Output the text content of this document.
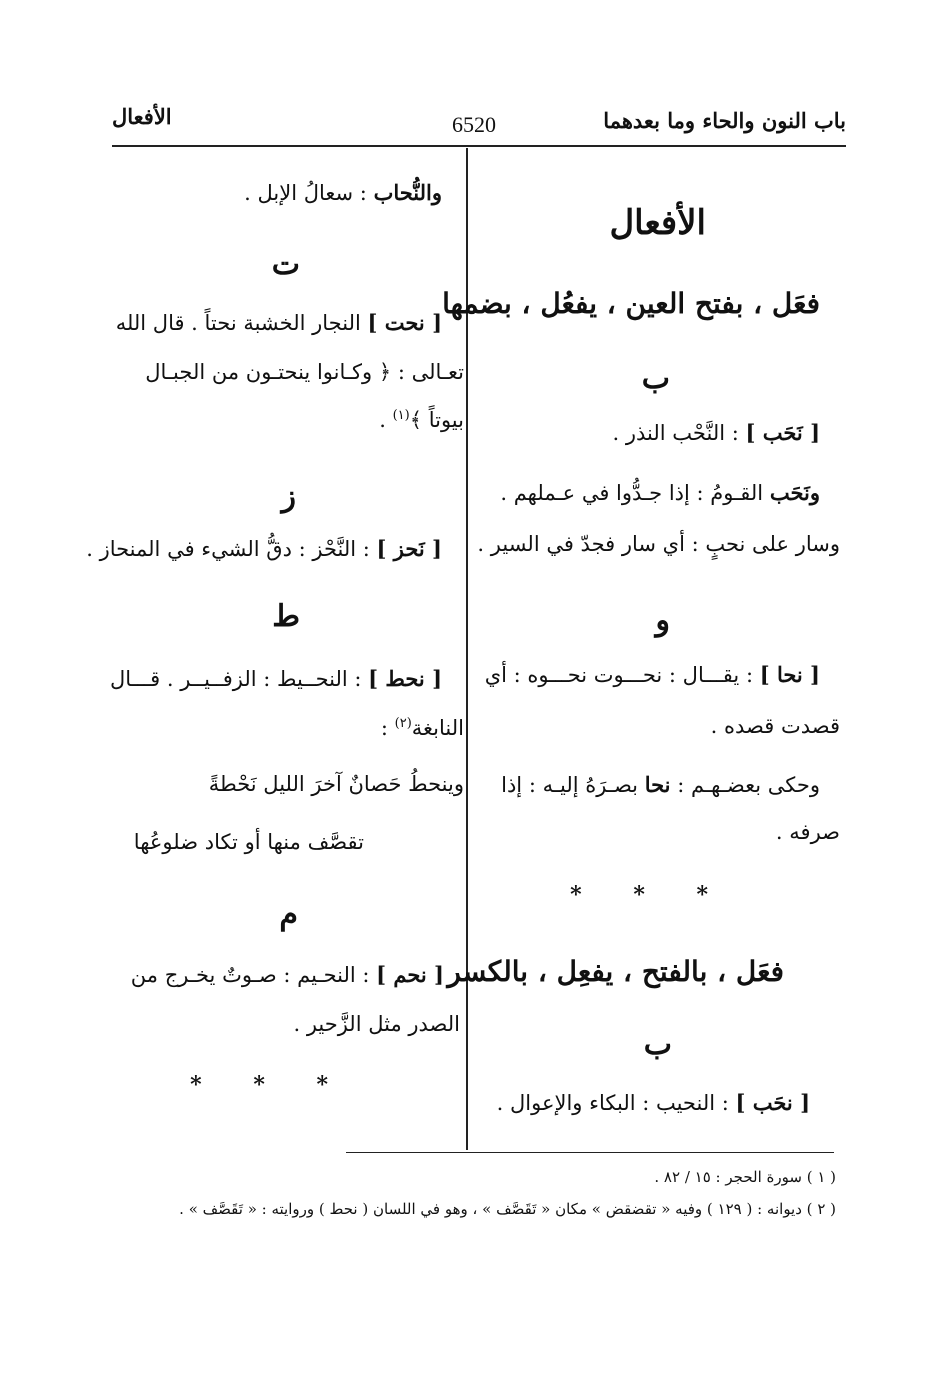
باب النون والحاء وما بعدهما
6520
الأفعال
الأفعال
فعَل ، بفتح العين ، يفعُل ، بضمها
ب
[ نَحَب ] : النَّحْب النذر .
ونَحَب القـومُ : إذا جـدُّوا في عـملهم .
وسار على نحبٍ : أي سار فجدّ في السير .
و
[ نحا ] : يقـــال : نحـــوت نحـــوه : أي
قصدت قصده .
وحكى بعضـهـم : نحا بصـرَهُ إليـه : إذا
صرفه .
* * *
فعَل ، بالفتح ، يفعِل ، بالكسر
ب
[ نحَب ] : النحيب : البكاء والإعوال .
والنُّحاب : سعالُ الإبل .
ت
[ نحت ] النجار الخشبة نحتاً . قال الله
تعـالى : ﴿ وكـانوا ينحتـون من الجبـال
بيوتاً ﴾$^{(١)}$ .
ز
[ نَحز ] : النَّحْز : دقُّ الشيء في المنحاز .
ط
[ نحط ] : النحــيط : الزفــيــر . قـــال
النابغة$^{(٢)}$ :
وينحطُ حَصانٌ آخرَ الليل نَحْطةً
تقصَّف منها أو تكاد ضلوعُها
م
[ نحم ] : النحـيم : صـوتٌ يخـرج من
الصدر مثل الزَّحير .
* * *
( ١ ) سورة الحجر : ١٥ / ٨٢ .
( ٢ ) ديوانه : ( ١٢٩ ) وفيه « تقضقض » مكان « تَقَصَّف » ، وهو في اللسان ( نحط ) وروايته : « تَقَصَّف » .
